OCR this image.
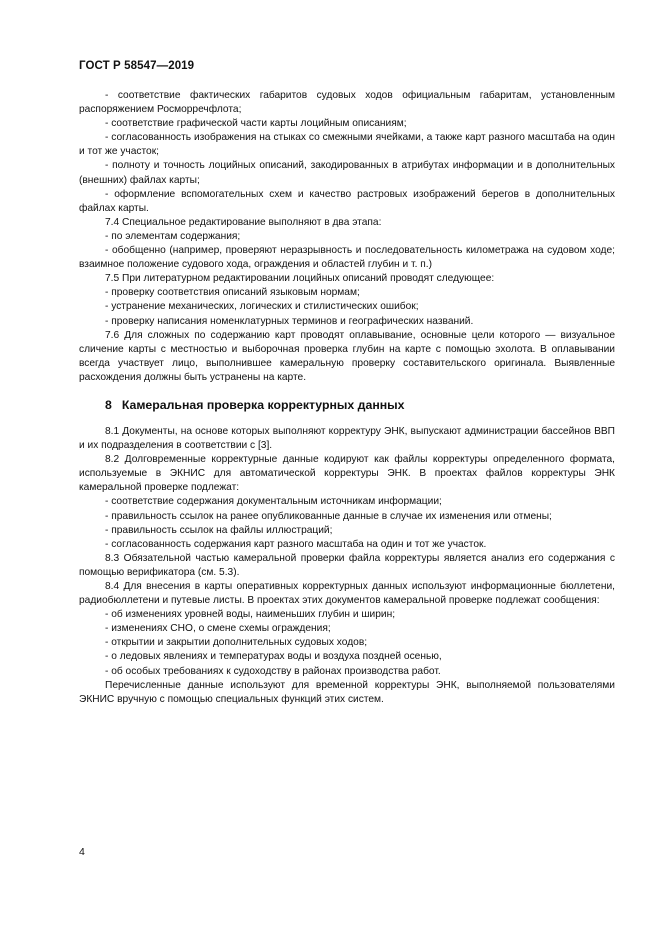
ГОСТ Р 58547—2019

- соответствие фактических габаритов судовых ходов официальным габаритам, установленным распоряжением Росморречфлота;

- соответствие графической части карты лоцийным описаниям;

- согласованность изображения на стыках со смежными ячейками, а также карт разного масштаба на один и тот же участок;

- полноту и точность лоцийных описаний, закодированных в атрибутах информации и в дополнительных (внешних) файлах карты;

- оформление вспомогательных схем и качество растровых изображений берегов в дополнительных файлах карты.

7.4 Специальное редактирование выполняют в два этапа:

- по элементам содержания;

- обобщенно (например, проверяют неразрывность и последовательность километража на судовом ходе; взаимное положение судового хода, ограждения и областей глубин и т. п.)

7.5 При литературном редактировании лоцийных описаний проводят следующее:

- проверку соответствия описаний языковым нормам;

- устранение механических, логических и стилистических ошибок;

- проверку написания номенклатурных терминов и географических названий.

7.6 Для сложных по содержанию карт проводят оплавывание, основные цели которого — визуальное сличение карты с местностью и выборочная проверка глубин на карте с помощью эхолота. В оплавывании всегда участвует лицо, выполнившее камеральную проверку составительского оригинала. Выявленные расхождения должны быть устранены на карте.

8 Камеральная проверка корректурных данных

8.1 Документы, на основе которых выполняют корректуру ЭНК, выпускают администрации бассейнов ВВП и их подразделения в соответствии с [3].

8.2 Долговременные корректурные данные кодируют как файлы корректуры определенного формата, используемые в ЭКНИС для автоматической корректуры ЭНК. В проектах файлов корректуры ЭНК камеральной проверке подлежат:

- соответствие содержания документальным источникам информации;

- правильность ссылок на ранее опубликованные данные в случае их изменения или отмены;

- правильность ссылок на файлы иллюстраций;

- согласованность содержания карт разного масштаба на один и тот же участок.

8.3 Обязательной частью камеральной проверки файла корректуры является анализ его содержания с помощью верификатора (см. 5.3).

8.4 Для внесения в карты оперативных корректурных данных используют информационные бюллетени, радиобюллетени и путевые листы. В проектах этих документов камеральной проверке подлежат сообщения:

- об изменениях уровней воды, наименьших глубин и ширин;

- изменениях СНО, о смене схемы ограждения;

- открытии и закрытии дополнительных судовых ходов;

- о ледовых явлениях и температурах воды и воздуха поздней осенью,

- об особых требованиях к судоходству в районах производства работ.

Перечисленные данные используют для временной корректуры ЭНК, выполняемой пользователями ЭКНИС вручную с помощью специальных функций этих систем.

4
